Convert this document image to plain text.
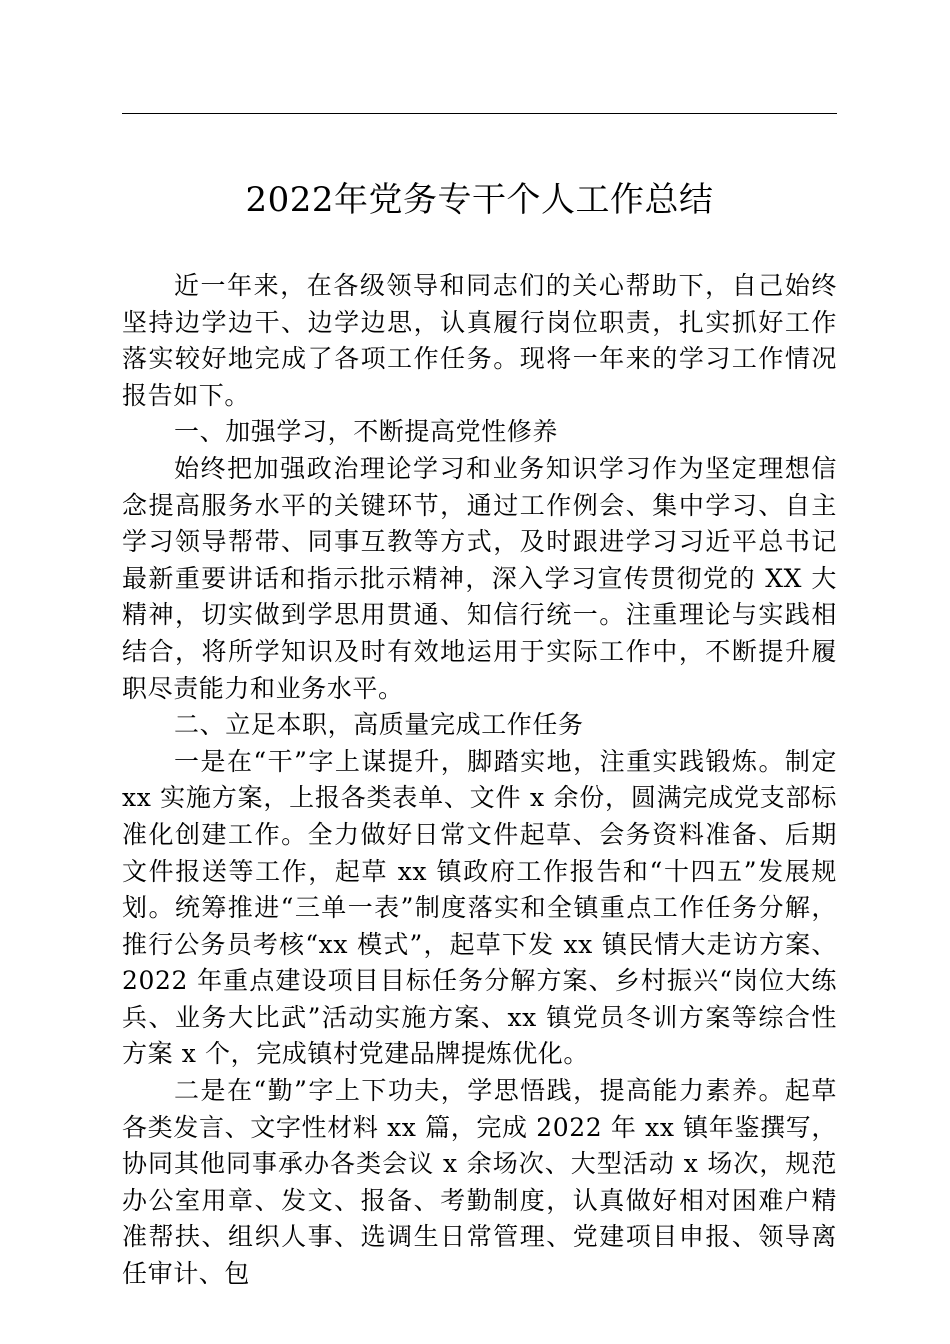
2022年党务专干个人工作总结

近一年来，在各级领导和同志们的关心帮助下，自己始终坚持边学边干、边学边思，认真履行岗位职责，扎实抓好工作落实较好地完成了各项工作任务。现将一年来的学习工作情况报告如下。

一、加强学习，不断提高党性修养

始终把加强政治理论学习和业务知识学习作为坚定理想信念提高服务水平的关键环节，通过工作例会、集中学习、自主学习领导帮带、同事互教等方式，及时跟进学习习近平总书记最新重要讲话和指示批示精神，深入学习宣传贯彻党的 XX 大精神，切实做到学思用贯通、知信行统一。注重理论与实践相结合，将所学知识及时有效地运用于实际工作中，不断提升履职尽责能力和业务水平。

二、立足本职，高质量完成工作任务

一是在“干”字上谋提升，脚踏实地，注重实践锻炼。制定 xx 实施方案，上报各类表单、文件 x 余份，圆满完成党支部标准化创建工作。全力做好日常文件起草、会务资料准备、后期文件报送等工作，起草 xx 镇政府工作报告和“十四五”发展规划。统筹推进“三单一表”制度落实和全镇重点工作任务分解，推行公务员考核“xx 模式”，起草下发 xx 镇民情大走访方案、2022 年重点建设项目目标任务分解方案、乡村振兴“岗位大练兵、业务大比武”活动实施方案、xx 镇党员冬训方案等综合性方案 x 个，完成镇村党建品牌提炼优化。

二是在“勤”字上下功夫，学思悟践，提高能力素养。起草各类发言、文字性材料 xx 篇，完成 2022 年 xx 镇年鉴撰写，协同其他同事承办各类会议 x 余场次、大型活动 x 场次，规范办公室用章、发文、报备、考勤制度，认真做好相对困难户精准帮扶、组织人事、选调生日常管理、党建项目申报、领导离任审计、包
